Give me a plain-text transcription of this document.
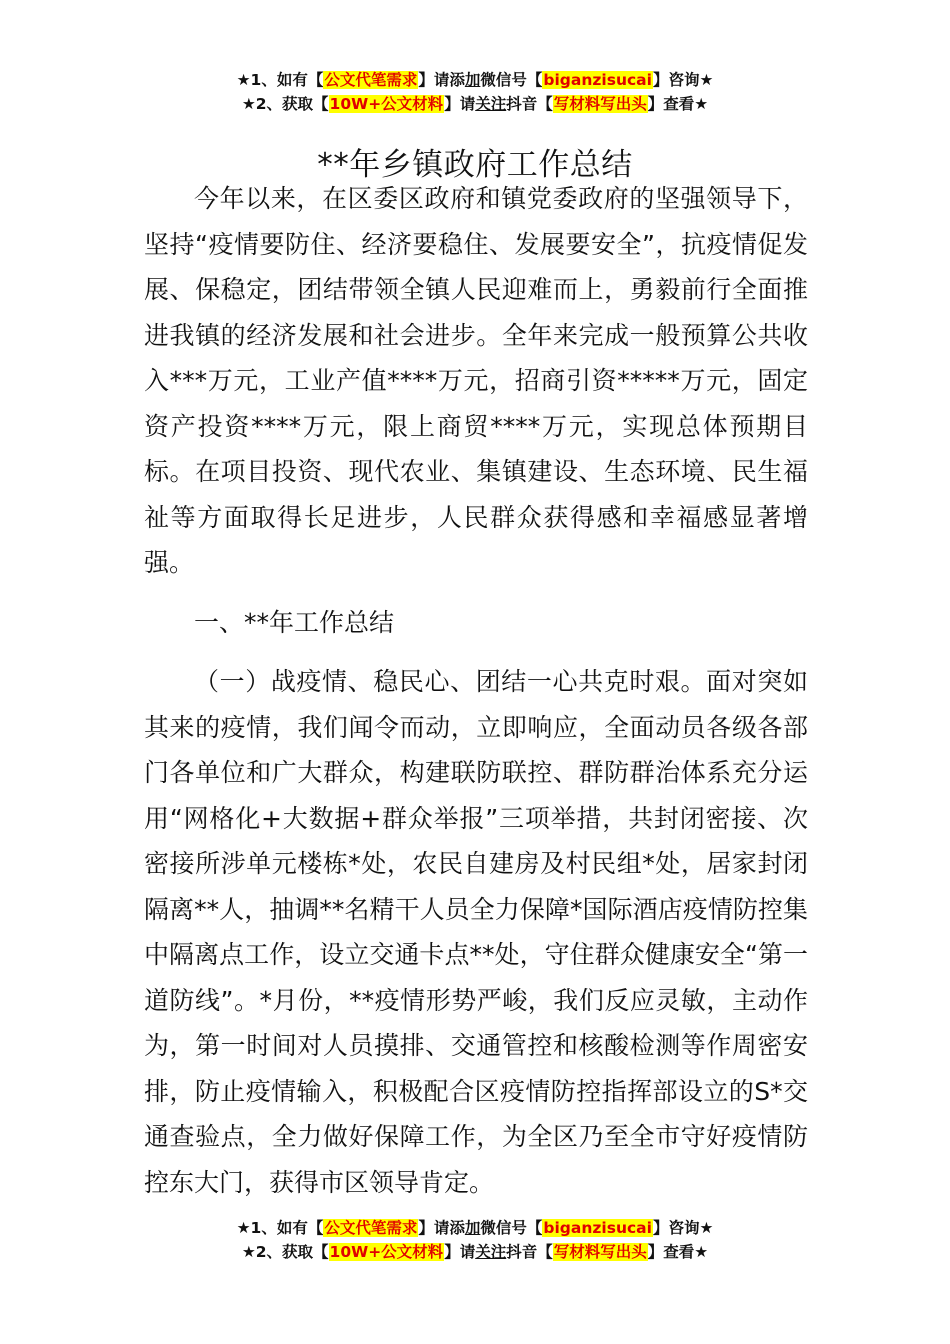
★1、如有【公文代笔需求】请添加微信号【biganzisucai】咨询★
★2、获取【10W+公文材料】请关注抖音【写材料写出头】查看★
**年乡镇政府工作总结

今年以来，在区委区政府和镇党委政府的坚强领导下，坚持“疫情要防住、经济要稳住、发展要安全”，抗疫情促发展、保稳定，团结带领全镇人民迎难而上，勇毅前行全面推进我镇的经济发展和社会进步。全年来完成一般预算公共收入***万元，工业产值****万元，招商引资*****万元，固定资产投资****万元，限上商贸****万元，实现总体预期目标。在项目投资、现代农业、集镇建设、生态环境、民生福祉等方面取得长足进步，人民群众获得感和幸福感显著增强。

一、**年工作总结

（一）战疫情、稳民心、团结一心共克时艰。面对突如其来的疫情，我们闻令而动，立即响应，全面动员各级各部门各单位和广大群众，构建联防联控、群防群治体系充分运用“网格化+大数据+群众举报”三项举措，共封闭密接、次密接所涉单元楼栋*处，农民自建房及村民组*处，居家封闭隔离**人，抽调**名精干人员全力保障*国际酒店疫情防控集中隔离点工作，设立交通卡点**处，守住群众健康安全“第一道防线”。*月份，**疫情形势严峻，我们反应灵敏，主动作为，第一时间对人员摸排、交通管控和核酸检测等作周密安排，防止疫情输入，积极配合区疫情防控指挥部设立的S*交通查验点，全力做好保障工作，为全区乃至全市守好疫情防控东大门，获得市区领导肯定。

★1、如有【公文代笔需求】请添加微信号【biganzisucai】咨询★
★2、获取【10W+公文材料】请关注抖音【写材料写出头】查看★
